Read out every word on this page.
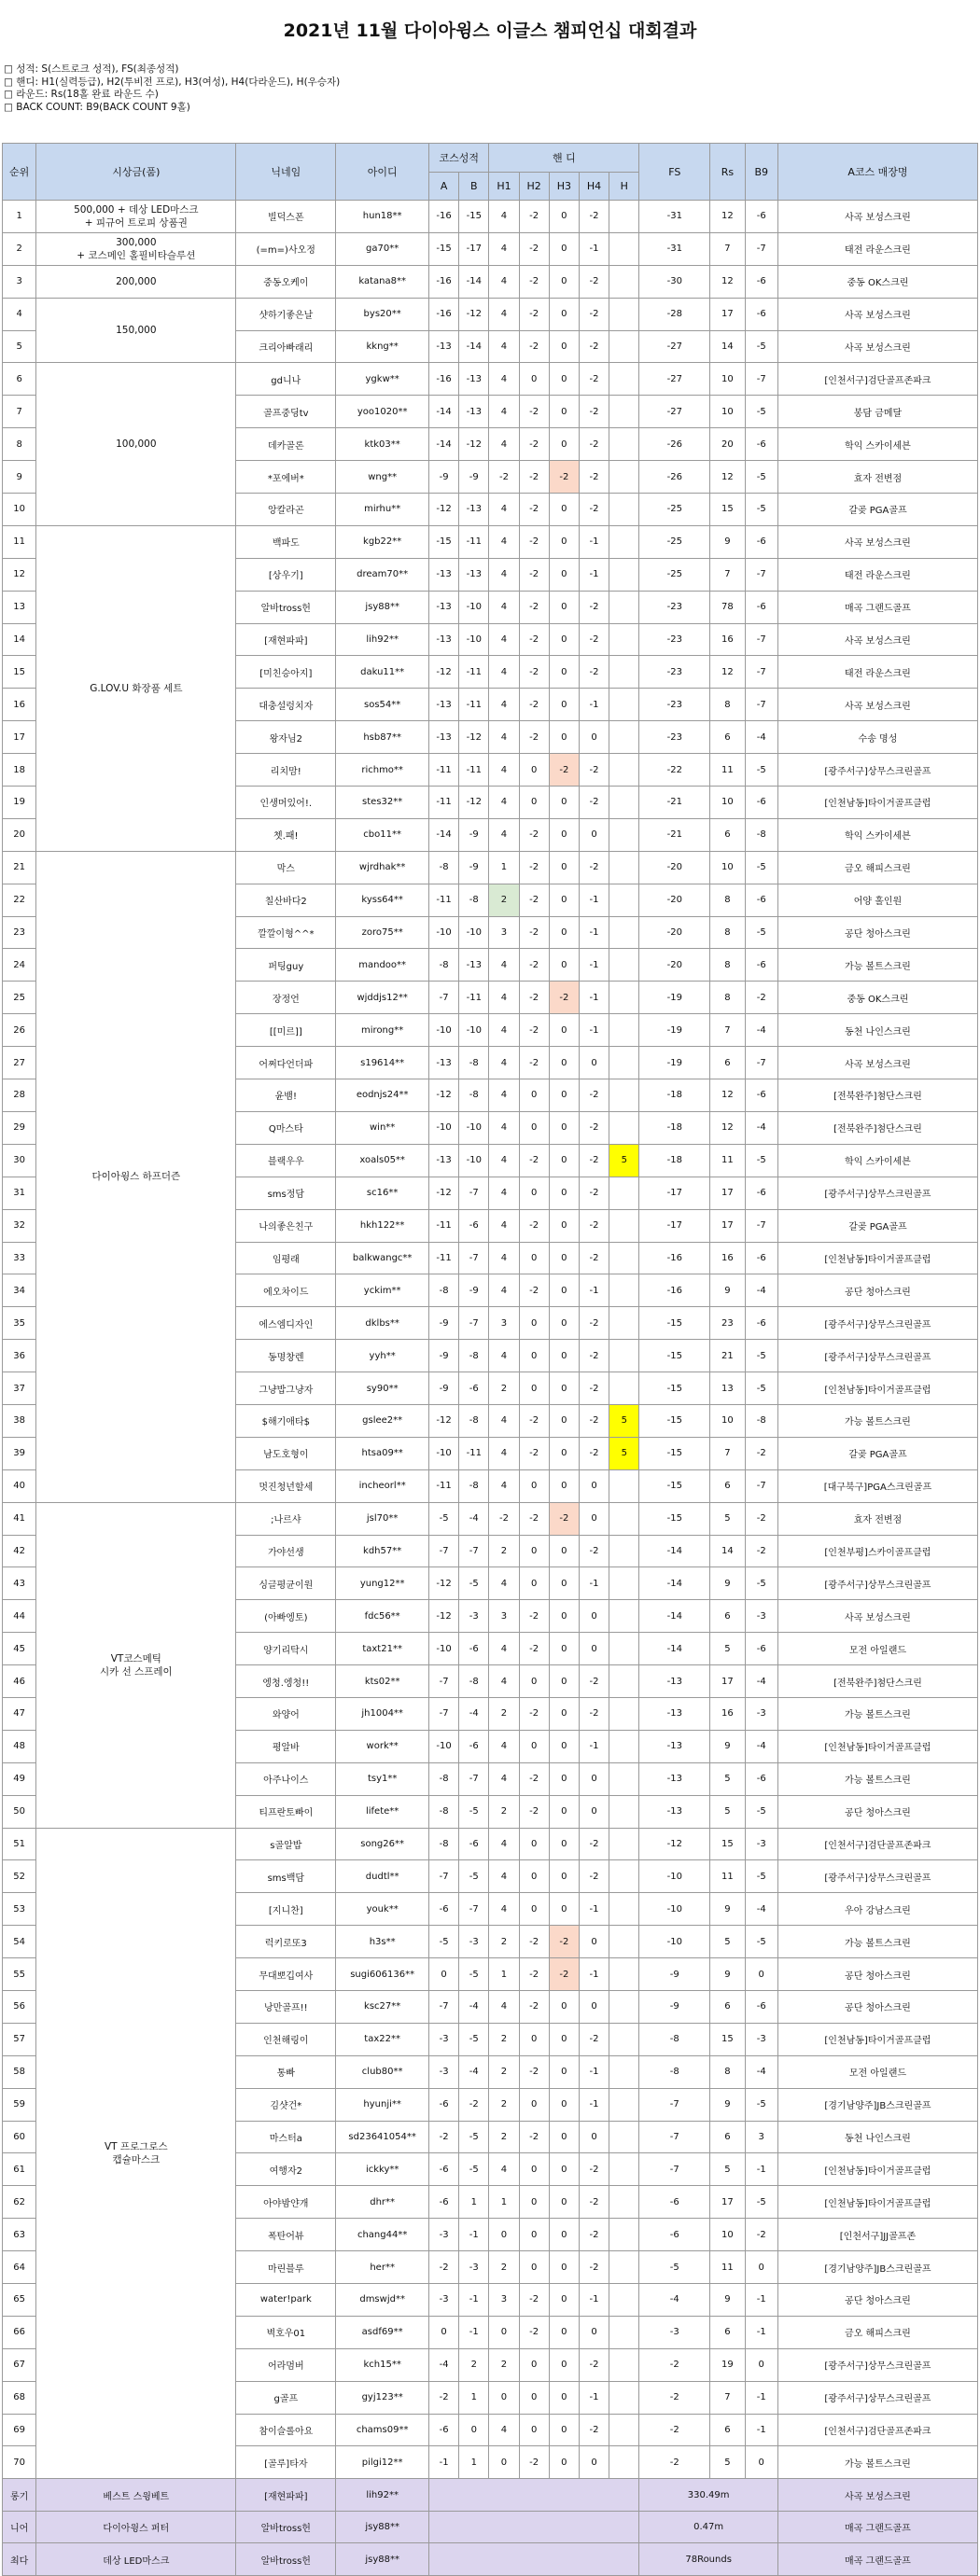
2021년 11월 다이아윙스 이글스 챔피언십 대회결과
□ 성적: S(스트로크 성적), FS(최종성적)
□ 핸디: H1(실력등급), H2(투비전 프로), H3(여성), H4(다라운드), H(우승자)
□ 라운드: Rs(18홀 완료 라운드 수)
□ BACK COUNT: B9(BACK COUNT 9홀)
순위	시상금(품)	닉네임	아이디	코스성적		핸 디					FS	Rs	B9	A코스 매장명
				A	B	H1	H2	H3	H4	H				
1	500,000 + 데상 LED마스크
+ 피규어 트로피 상품권	빌덕스폰	hun18**	-16	-15	4	-2	0	-2		-31	12	-6	사곡 보성스크린
2	300,000
+ 코스메인 홀필비타슬루션	(=m=)사오정	ga70**	-15	-17	4	-2	0	-1		-31	7	-7	태전 라운스크린
3	200,000	중동오케이	katana8**	-16	-14	4	-2	0	-2		-30	12	-6	중동 OK스크린
4	150,000	샷하기좋은날	bys20**	-16	-12	4	-2	0	-2		-28	17	-6	사곡 보성스크린
5		크리아빠래리	kkng**	-13	-14	4	-2	0	-2		-27	14	-5	사곡 보성스크린
6	100,000	gd니나	ygkw**	-16	-13	4	0	0	-2		-27	10	-7	[인천서구]검단골프존파크
7		골프중딩tv	yoo1020**	-14	-13	4	-2	0	-2		-27	10	-5	봉담 금메달
8		데카골론	ktk03**	-14	-12	4	-2	0	-2		-26	20	-6	학익 스카이세븐
9		*포에버*	wng**	-9	-9	-2	-2	-2	-2		-26	12	-5	효자 전변점
10		앙칼라곤	mirhu**	-12	-13	4	-2	0	-2		-25	15	-5	갈곶 PGA골프
11	G.LOV.U 화장품 세트	백파도	kgb22**	-15	-11	4	-2	0	-1		-25	9	-6	사곡 보성스크린
12		[상우기]	dream70**	-13	-13	4	-2	0	-1		-25	7	-7	태전 라운스크린
13		알바tross헌	jsy88**	-13	-10	4	-2	0	-2		-23	78	-6	매곡 그랜드골프
14		[재현파파]	lih92**	-13	-10	4	-2	0	-2		-23	16	-7	사곡 보성스크린
15		[미친승아지]	daku11**	-12	-11	4	-2	0	-2		-23	12	-7	태전 라운스크린
16		대충설렁치자	sos54**	-13	-11	4	-2	0	-1		-23	8	-7	사곡 보성스크린
17		왕자님2	hsb87**	-13	-12	4	-2	0	0		-23	6	-4	수송 명성
18		리치맘!	richmo**	-11	-11	4	0	-2	-2		-22	11	-5	[광주서구]상무스크린골프
19		인생머있어!.	stes32**	-11	-12	4	0	0	-2		-21	10	-6	[인천남동]타이거골프클럽
20		쳇.패!	cbo11**	-14	-9	4	-2	0	0		-21	6	-8	학익 스카이세븐
21	다이아윙스 하프더즌	막스	wjrdhak**	-8	-9	1	-2	0	-2		-20	10	-5	금오 해피스크린
22		칠산바다2	kyss64**	-11	-8	2	-2	0	-1		-20	8	-6	어양 홀인원
23		깔깔이형^^*	zoro75**	-10	-10	3	-2	0	-1		-20	8	-5	공단 청아스크린
24		퍼팅guy	mandoo**	-8	-13	4	-2	0	-1		-20	8	-6	가능 볼트스크린
25		장정언	wjddjs12**	-7	-11	4	-2	-2	-1		-19	8	-2	중동 OK스크린
26		[[미르]]	mirong**	-10	-10	4	-2	0	-1		-19	7	-4	동천 나인스크린
27		어쩌다언더파	s19614**	-13	-8	4	-2	0	0		-19	6	-7	사곡 보성스크린
28		윤뱀!	eodnjs24**	-12	-8	4	0	0	-2		-18	12	-6	[전북완주]첨단스크린
29		Q마스타	win**	-10	-10	4	0	0	-2		-18	12	-4	[전북완주]첨단스크린
30		블랙우우	xoals05**	-13	-10	4	-2	0	-2	5	-18	11	-5	학익 스카이세븐
31		sms정담	sc16**	-12	-7	4	0	0	-2		-17	17	-6	[광주서구]상무스크린골프
32		나의좋은친구	hkh122**	-11	-6	4	-2	0	-2		-17	17	-7	갈곶 PGA골프
33		임평래	balkwangc**	-11	-7	4	0	0	-2		-16	16	-6	[인천남동]타이거골프클럽
34		에오차이드	yckim**	-8	-9	4	-2	0	-1		-16	9	-4	공단 청아스크린
35		에스엠디자인	dklbs**	-9	-7	3	0	0	-2		-15	23	-6	[광주서구]상무스크린골프
36		동명창렌	yyh**	-9	-8	4	0	0	-2		-15	21	-5	[광주서구]상무스크린골프
37		그냥밥그냥자	sy90**	-9	-6	2	0	0	-2		-15	13	-5	[인천남동]타이거골프클럽
38		$해기애타$	gslee2**	-12	-8	4	-2	0	-2	5	-15	10	-8	가능 볼트스크린
39		남도호형이	htsa09**	-10	-11	4	-2	0	-2	5	-15	7	-2	갈곶 PGA골프
40		멋진청년할세	incheorl**	-11	-8	4	0	0	0		-15	6	-7	[대구북구]PGA스크린골프
41	VT코스메틱
시카 선 스프레이	;나르샤	jsl70**	-5	-4	-2	-2	-2	0		-15	5	-2	효자 전변점
42		가야선생	kdh57**	-7	-7	2	0	0	-2		-14	14	-2	[인천부평]스카이골프클럽
43		싱글평균이원	yung12**	-12	-5	4	0	0	-1		-14	9	-5	[광주서구]상무스크린골프
44		(아빠엥토)	fdc56**	-12	-3	3	-2	0	0		-14	6	-3	사곡 보성스크린
45		양기리탁시	taxt21**	-10	-6	4	-2	0	0		-14	5	-6	모전 아일랜드
46		엥청.엥청!!	kts02**	-7	-8	4	0	0	-2		-13	17	-4	[전북완주]첨단스크린
47		와양어	jh1004**	-7	-4	2	-2	0	-2		-13	16	-3	가능 볼트스크린
48		평알바	work**	-10	-6	4	0	0	-1		-13	9	-4	[인천남동]타이거골프클럽
49		아주나이스	tsy1**	-8	-7	4	-2	0	0		-13	5	-6	가능 볼트스크린
50		티프란토빠이	lifete**	-8	-5	2	-2	0	0		-13	5	-5	공단 청아스크린
51	VT 프로그로스
캡슐마스크	s골알밥	song26**	-8	-6	4	0	0	-2		-12	15	-3	[인천서구]검단골프존파크
52		sms백담	dudtl**	-7	-5	4	0	0	-2		-10	11	-5	[광주서구]상무스크린골프
53		[지니찬]	youk**	-6	-7	4	0	0	-1		-10	9	-4	우아 강남스크린
54		럭키로또3	h3s**	-5	-3	2	-2	-2	0		-10	5	-5	가능 볼트스크린
55		무대뽀깁여사	sugi606136**	0	-5	1	-2	-2	-1		-9	9	0	공단 청아스크린
56		낭만골프!!	ksc27**	-7	-4	4	-2	0	0		-9	6	-6	공단 청아스크린
57		인천해링이	tax22**	-3	-5	2	0	0	-2		-8	15	-3	[인천남동]타이거골프클럽
58		통빠	club80**	-3	-4	2	-2	0	-1		-8	8	-4	모전 아일랜드
59		김샷건*	hyunji**	-6	-2	2	0	0	-1		-7	9	-5	[경기남양주]JB스크린골프
60		마스터a	sd23641054**	-2	-5	2	-2	0	0		-7	6	3	동천 나인스크린
61		여행자2	ickky**	-6	-5	4	0	0	-2		-7	5	-1	[인천남동]타이거골프클럽
62		아야밤얀개	dhr**	-6	1	1	0	0	-2		-6	17	-5	[인천남동]타이거골프클럽
63		폭탄어뷰	chang44**	-3	-1	0	0	0	-2		-6	10	-2	[인천서구]JJ골프존
64		마린블루	her**	-2	-3	2	0	0	-2		-5	11	0	[경기남양주]JB스크린골프
65		water!park	dmswjd**	-3	-1	3	-2	0	-1		-4	9	-1	공단 청아스크린
66		벽호우01	asdf69**	0	-1	0	-2	0	0		-3	6	-1	금오 해피스크린
67		어라멈버	kch15**	-4	2	2	0	0	-2		-2	19	0	[광주서구]상무스크린골프
68		g골프	gyj123**	-2	1	0	0	0	-1		-2	7	-1	[광주서구]상무스크린골프
69		참이슬롤아요	chams09**	-6	0	4	0	0	-2		-2	6	-1	[인천서구]검단골프존파크
70		[골루]타자	pilgi12**	-1	1	0	-2	0	0		-2	5	0	가능 볼트스크린
롱기	베스트 스윙베트	[재현파파]	lih92**								330.49m			사곡 보성스크린
니어	다이아윙스 퍼터	알바tross헌	jsy88**								0.47m			매곡 그랜드골프
최다	데상 LED마스크	알바tross헌	jsy88**								78Rounds			매곡 그랜드골프
